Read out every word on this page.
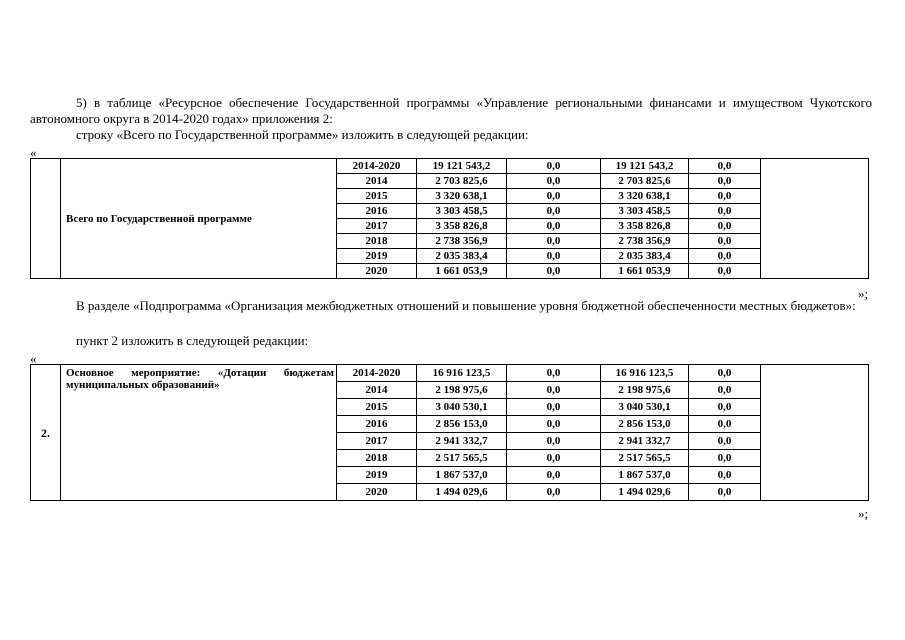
5) в таблице «Ресурсное обеспечение Государственной программы «Управление региональными финансами и имуществом Чукотского автономного округа в 2014-2020 годах» приложения 2:
строку «Всего по Государственной программе» изложить в следующей редакции:
«
	Всего по Государственной программе	2014-2020	19 121 543,2	0,0	19 121 543,2	0,0	
		2014	2 703 825,6	0,0	2 703 825,6	0,0	
		2015	3 320 638,1	0,0	3 320 638,1	0,0	
		2016	3 303 458,5	0,0	3 303 458,5	0,0	
		2017	3 358 826,8	0,0	3 358 826,8	0,0	
		2018	2 738 356,9	0,0	2 738 356,9	0,0	
		2019	2 035 383,4	0,0	2 035 383,4	0,0	
		2020	1 661 053,9	0,0	1 661 053,9	0,0	
»;
В разделе «Подпрограмма «Организация межбюджетных отношений и повышение уровня бюджетной обеспеченности местных бюджетов»:
пункт 2 изложить в следующей редакции:
«
2.	Основное мероприятие: «Дотации бюджетам муниципальных образований»	2014-2020	16 916 123,5	0,0	16 916 123,5	0,0	
		2014	2 198 975,6	0,0	2 198 975,6	0,0	
		2015	3 040 530,1	0,0	3 040 530,1	0,0	
		2016	2 856 153,0	0,0	2 856 153,0	0,0	
		2017	2 941 332,7	0,0	2 941 332,7	0,0	
		2018	2 517 565,5	0,0	2 517 565,5	0,0	
		2019	1 867 537,0	0,0	1 867 537,0	0,0	
		2020	1 494 029,6	0,0	1 494 029,6	0,0	
»;
